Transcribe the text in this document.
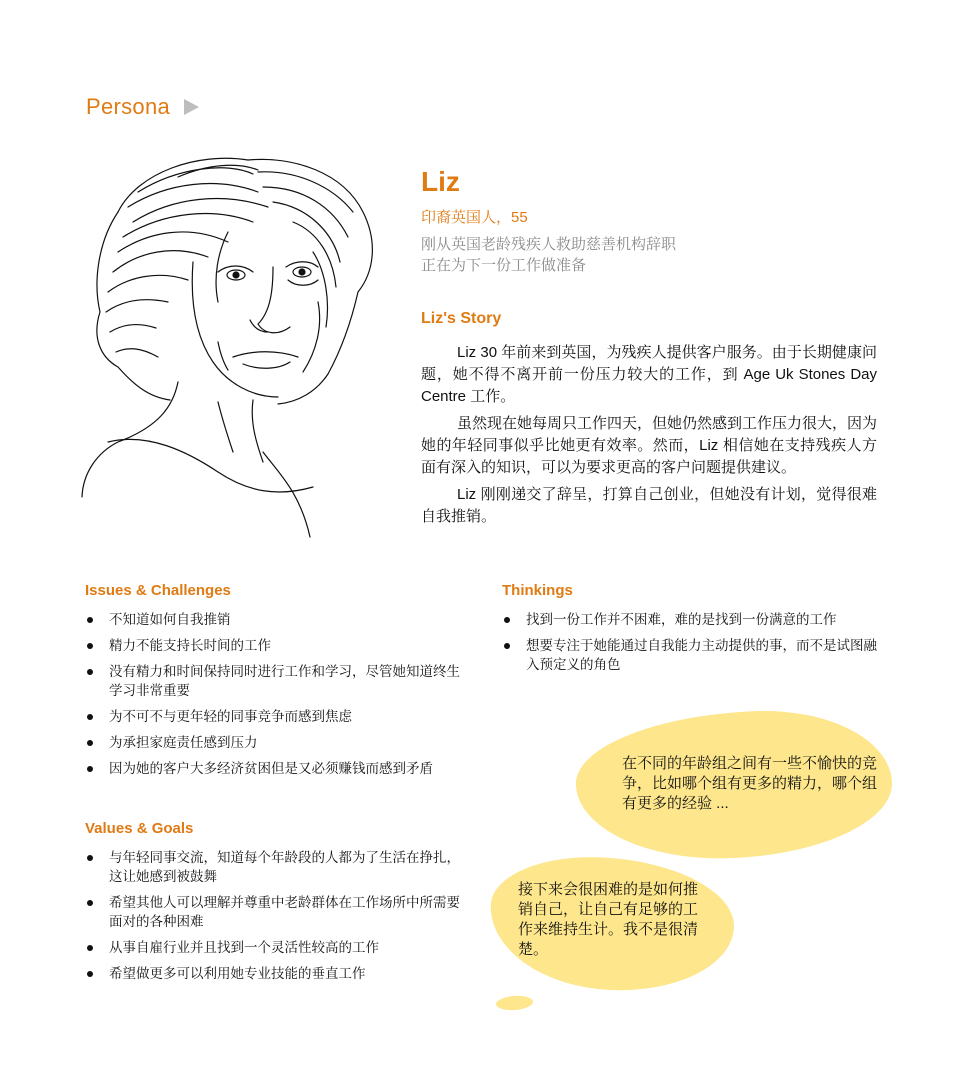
Persona
Liz
印裔英国人，55
刚从英国老龄残疾人救助慈善机构辞职
正在为下一份工作做准备
Liz's Story

Liz 30 年前来到英国，为残疾人提供客户服务。由于长期健康问题，她不得不离开前一份压力较大的工作，到 Age Uk Stones Day Centre 工作。

虽然现在她每周只工作四天，但她仍然感到工作压力很大，因为她的年轻同事似乎比她更有效率。然而，Liz 相信她在支持残疾人方面有深入的知识，可以为要求更高的客户问题提供建议。

Liz 刚刚递交了辞呈，打算自己创业，但她没有计划，觉得很难自我推销。

Issues & Challenges
不知道如何自我推销
精力不能支持长时间的工作
没有精力和时间保持同时进行工作和学习，尽管她知道终生学习非常重要
为不可不与更年轻的同事竞争而感到焦虑
为承担家庭责任感到压力
因为她的客户大多经济贫困但是又必须赚钱而感到矛盾
Values & Goals
与年轻同事交流，知道每个年龄段的人都为了生活在挣扎，这让她感到被鼓舞
希望其他人可以理解并尊重中老龄群体在工作场所中所需要面对的各种困难
从事自雇行业并且找到一个灵活性较高的工作
希望做更多可以利用她专业技能的垂直工作
Thinkings
找到一份工作并不困难，难的是找到一份满意的工作
想要专注于她能通过自我能力主动提供的事，而不是试图融入预定义的角色
在不同的年龄组之间有一些不愉快的竞争，比如哪个组有更多的精力，哪个组有更多的经验 ...
接下来会很困难的是如何推销自己，让自己有足够的工作来维持生计。我不是很清楚。
